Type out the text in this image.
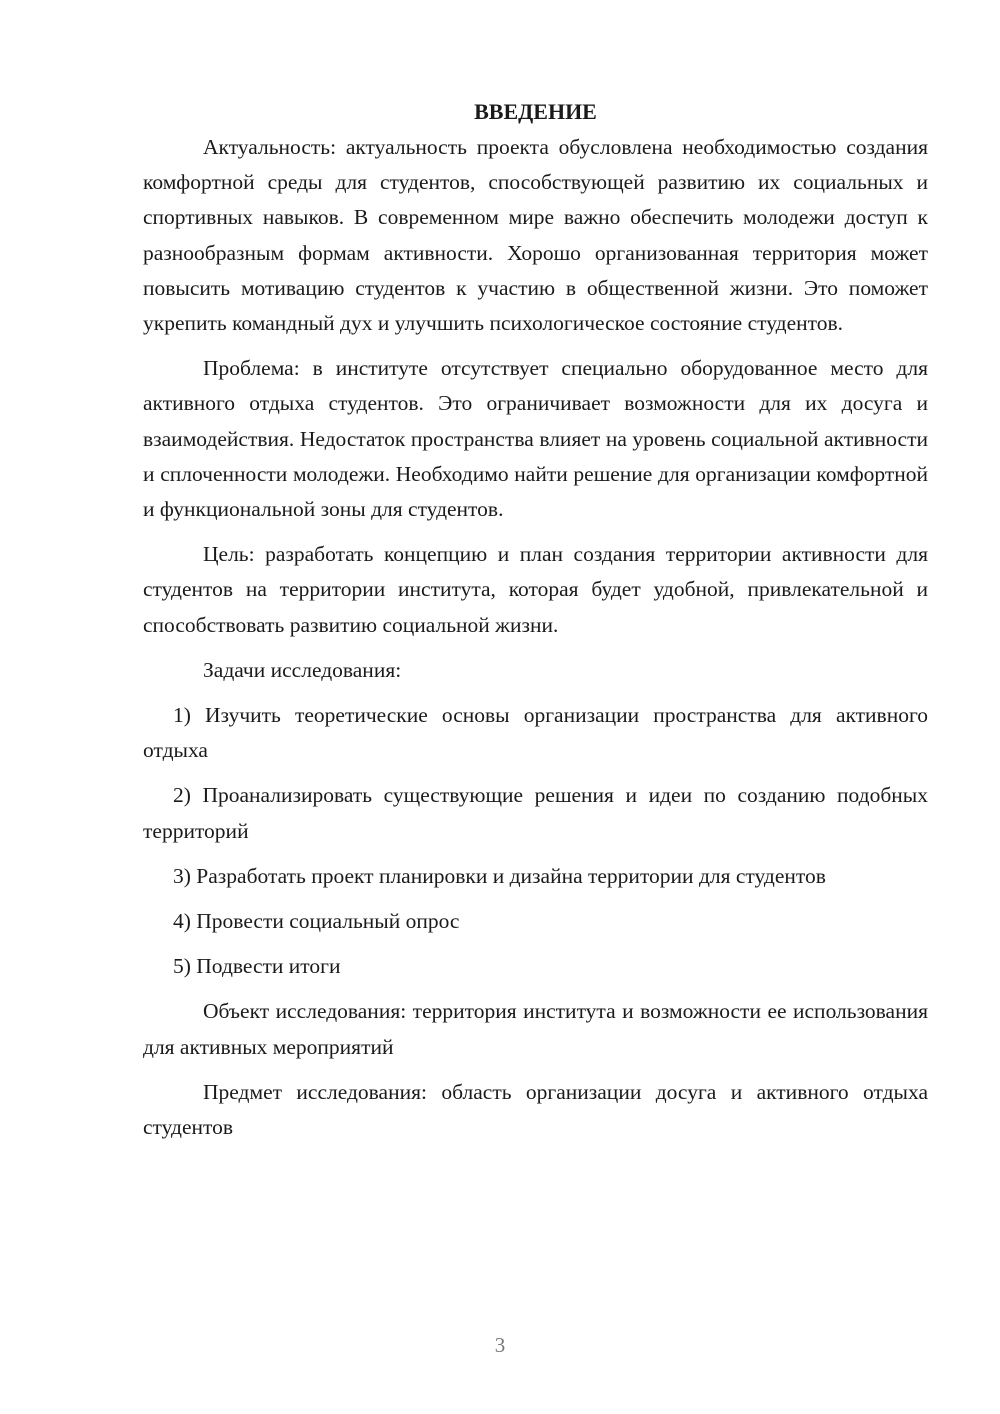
ВВЕДЕНИЕ

Актуальность: актуальность проекта обусловлена необходимостью создания комфортной среды для студентов, способствующей развитию их социальных и спортивных навыков. В современном мире важно обеспечить молодежи доступ к разнообразным формам активности. Хорошо организованная территория может повысить мотивацию студентов к участию в общественной жизни. Это поможет укрепить командный дух и улучшить психологическое состояние студентов.

Проблема: в институте отсутствует специально оборудованное место для активного отдыха студентов. Это ограничивает возможности для их досуга и взаимодействия. Недостаток пространства влияет на уровень социальной активности и сплоченности молодежи. Необходимо найти решение для организации комфортной и функциональной зоны для студентов.

Цель: разработать концепцию и план создания территории активности для студентов на территории института, которая будет удобной, привлекательной и способствовать развитию социальной жизни.

Задачи исследования:

1) Изучить теоретические основы организации пространства для активного отдыха

2) Проанализировать существующие решения и идеи по созданию подобных территорий

3) Разработать проект планировки и дизайна территории для студентов

4) Провести социальный опрос

5) Подвести итоги

Объект исследования: территория института и возможности ее использования для активных мероприятий

Предмет исследования: область организации досуга и активного отдыха студентов

3
